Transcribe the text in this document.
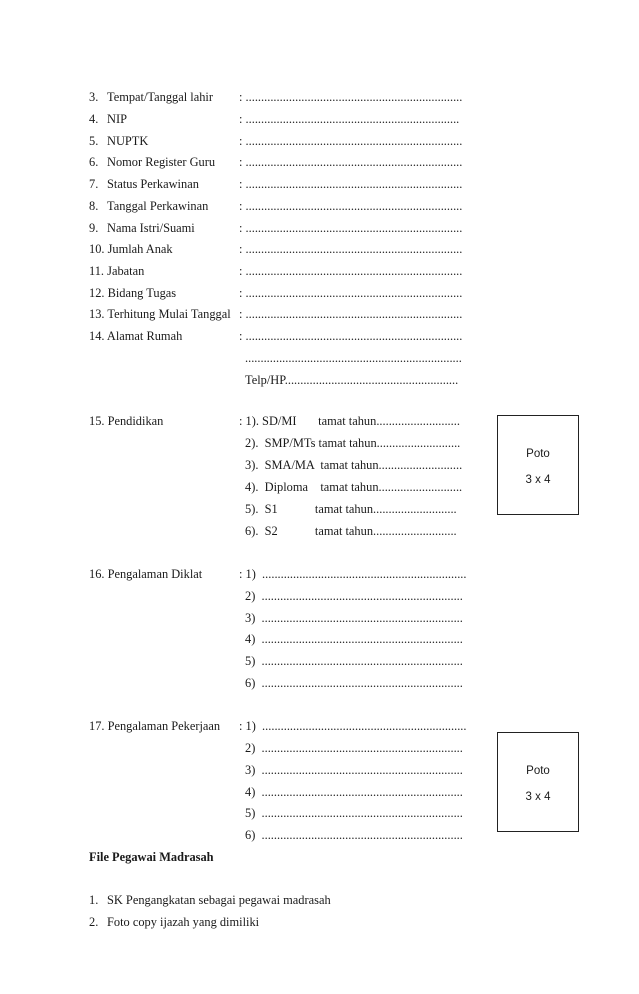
3. Tempat/Tanggal lahir : ......................................................................
4. NIP	: .....................................................................
5. NUPTK	: ......................................................................
6. Nomor Register Guru : ......................................................................
7. Status Perkawinan	: ......................................................................
8. Tanggal Perkawinan : ......................................................................
9. Nama Istri/Suami	: ......................................................................
10. Jumlah Anak	: ......................................................................
11. Jabatan	: ......................................................................
12. Bidang Tugas	: ......................................................................
13. Terhitung Mulai Tanggal : ......................................................................
14. Alamat Rumah	: ......................................................................
......................................................................
Telp/HP........................................................
15. Pendidikan	: 1). SD/MI       tamat tahun...........................
2).  SMP/MTs tamat tahun...........................
3).  SMA/MA  tamat tahun...........................
4).  Diploma    tamat tahun...........................
5).  S1            tamat tahun...........................
6).  S2            tamat tahun...........................
Poto
3 x 4
16. Pengalaman Diklat	: 1)  ..................................................................
2)  .................................................................
3)  .................................................................
4)  .................................................................
5)  .................................................................
6)  .................................................................
17. Pengalaman Pekerjaan : 1)  ..................................................................
2)  .................................................................
3)  .................................................................
4)  .................................................................
5)  .................................................................
6)  .................................................................
Poto
3 x 4
File Pegawai Madrasah
1. SK Pengangkatan sebagai pegawai madrasah
2. Foto copy ijazah yang dimiliki
